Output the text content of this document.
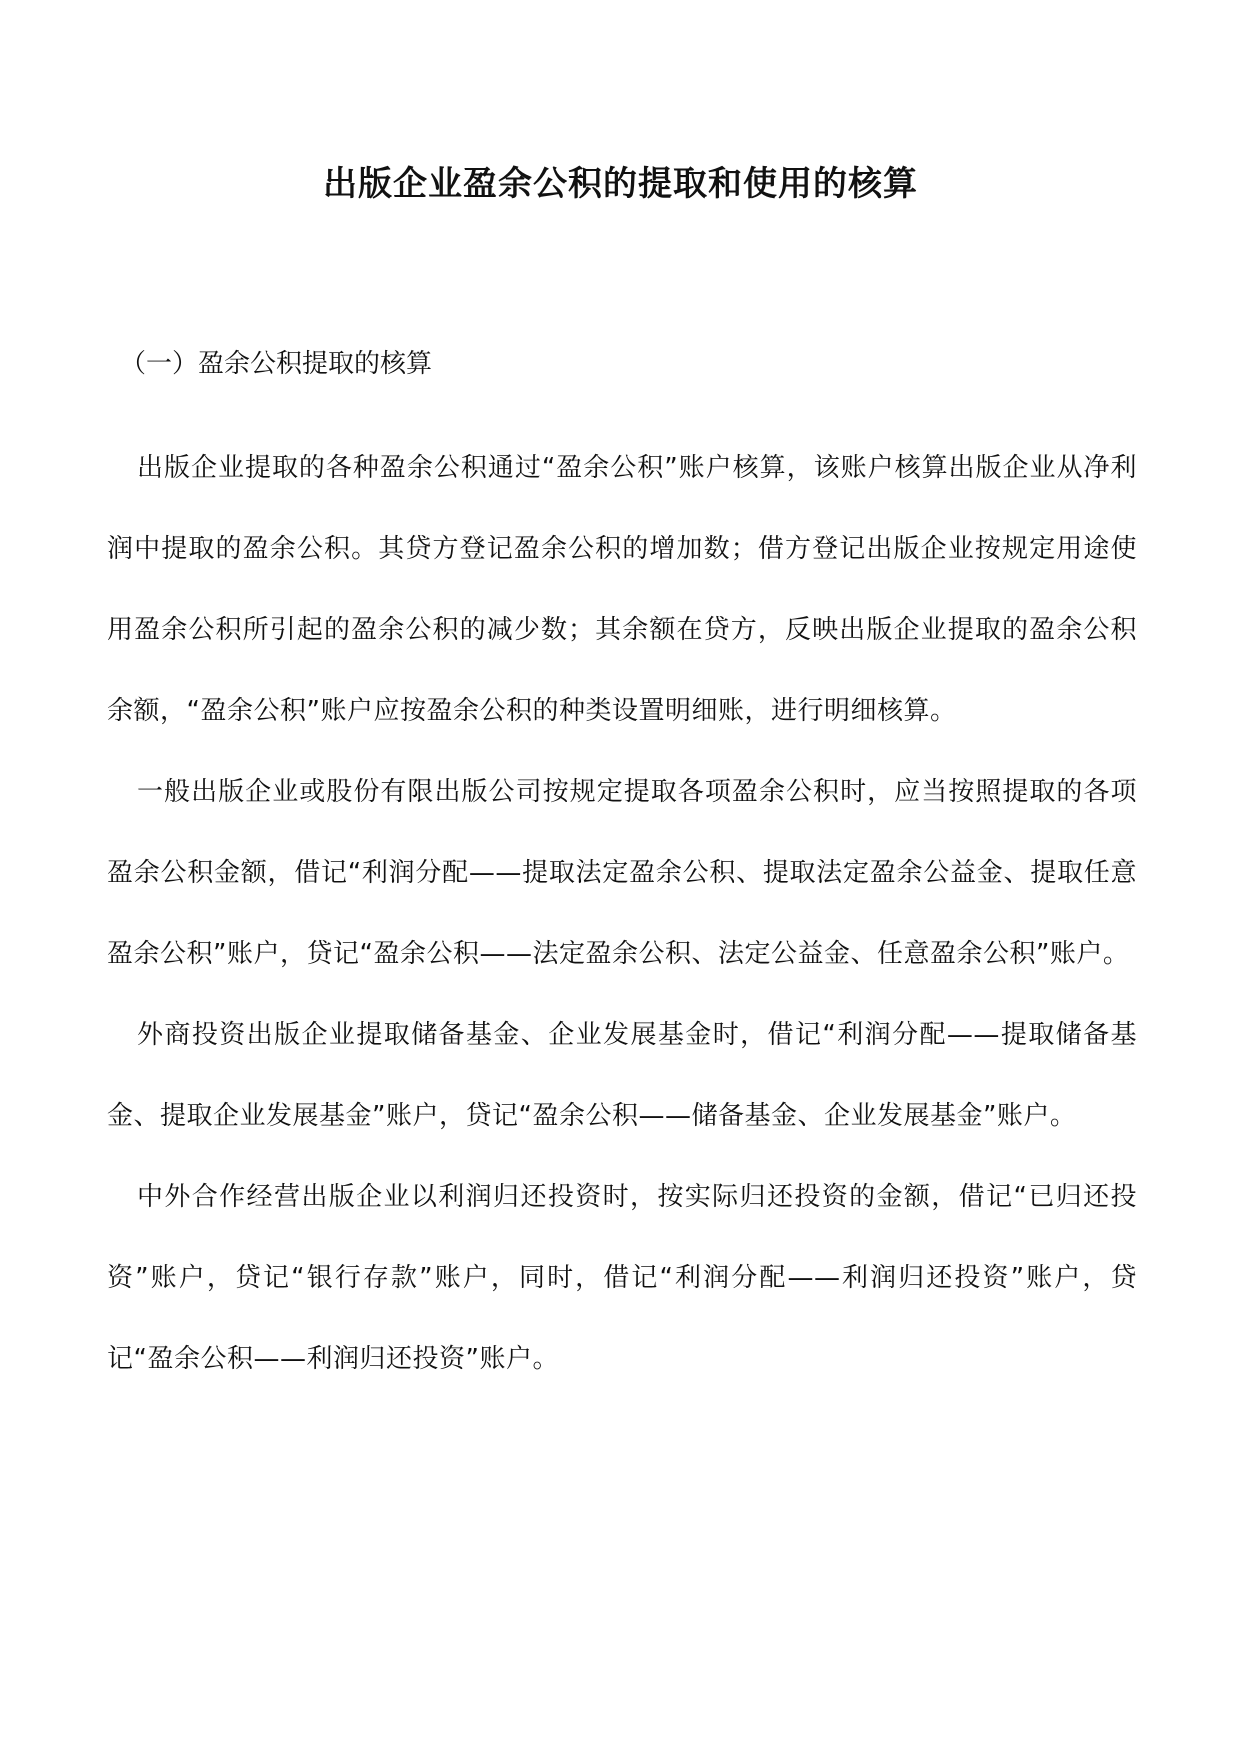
出版企业盈余公积的提取和使用的核算

（一）盈余公积提取的核算

出版企业提取的各种盈余公积通过“盈余公积”账户核算，该账户核算出版企业从净利润中提取的盈余公积。其贷方登记盈余公积的增加数；借方登记出版企业按规定用途使用盈余公积所引起的盈余公积的减少数；其余额在贷方，反映出版企业提取的盈余公积余额，“盈余公积”账户应按盈余公积的种类设置明细账，进行明细核算。

一般出版企业或股份有限出版公司按规定提取各项盈余公积时，应当按照提取的各项盈余公积金额，借记“利润分配——提取法定盈余公积、提取法定盈余公益金、提取任意盈余公积”账户，贷记“盈余公积——法定盈余公积、法定公益金、任意盈余公积”账户。

外商投资出版企业提取储备基金、企业发展基金时，借记“利润分配——提取储备基金、提取企业发展基金”账户，贷记“盈余公积——储备基金、企业发展基金”账户。

中外合作经营出版企业以利润归还投资时，按实际归还投资的金额，借记“已归还投资”账户，贷记“银行存款”账户，同时，借记“利润分配——利润归还投资”账户，贷记“盈余公积——利润归还投资”账户。
